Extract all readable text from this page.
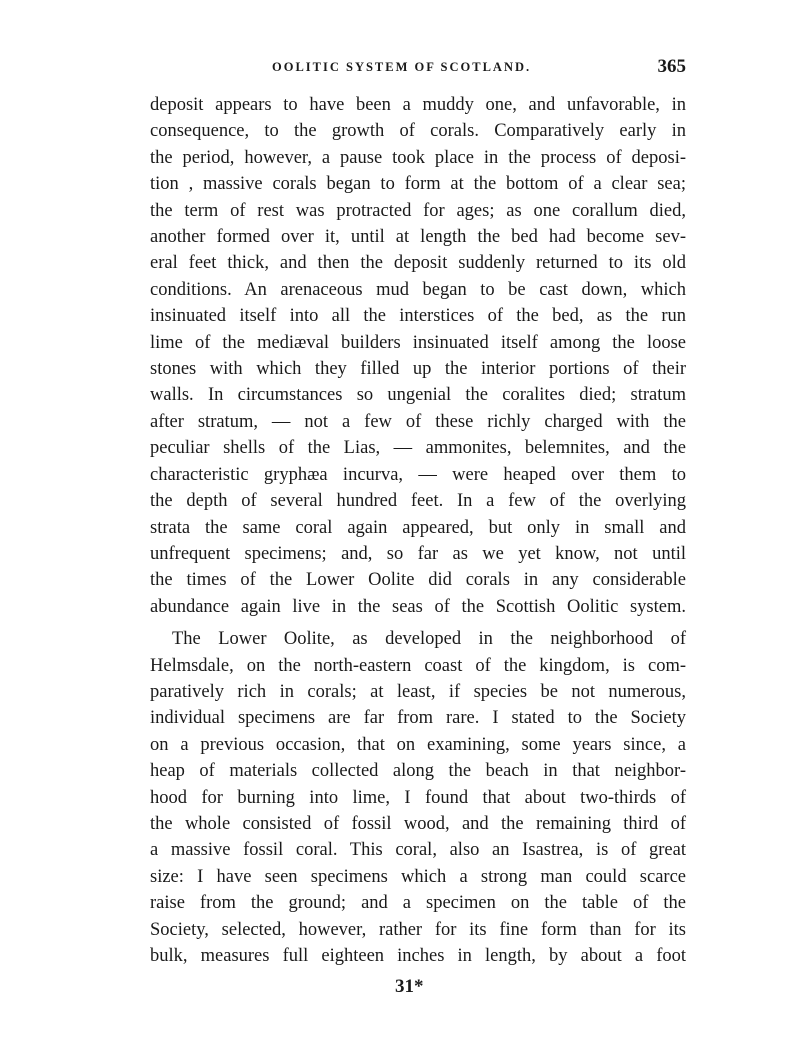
OOLITIC SYSTEM OF SCOTLAND.	365
deposit appears to have been a muddy one, and unfavorable, in
consequence, to the growth of corals. Comparatively early in
the period, however, a pause took place in the process of deposi-
tion , massive corals began to form at the bottom of a clear sea;
the term of rest was protracted for ages; as one corallum died,
another formed over it, until at length the bed had become sev-
eral feet thick, and then the deposit suddenly returned to its old
conditions. An arenaceous mud began to be cast down, which
insinuated itself into all the interstices of the bed, as the run
lime of the mediæval builders insinuated itself among the loose
stones with which they filled up the interior portions of their
walls. In circumstances so ungenial the coralites died; stratum
after stratum, — not a few of these richly charged with the
peculiar shells of the Lias, — ammonites, belemnites, and the
characteristic gryphæa incurva, — were heaped over them to
the depth of several hundred feet. In a few of the overlying
strata the same coral again appeared, but only in small and
unfrequent specimens; and, so far as we yet know, not until
the times of the Lower Oolite did corals in any considerable
abundance again live in the seas of the Scottish Oolitic system.
The Lower Oolite, as developed in the neighborhood of
Helmsdale, on the north-eastern coast of the kingdom, is com-
paratively rich in corals; at least, if species be not numerous,
individual specimens are far from rare. I stated to the Society
on a previous occasion, that on examining, some years since, a
heap of materials collected along the beach in that neighbor-
hood for burning into lime, I found that about two-thirds of
the whole consisted of fossil wood, and the remaining third of
a massive fossil coral. This coral, also an Isastrea, is of great
size: I have seen specimens which a strong man could scarce
raise from the ground; and a specimen on the table of the
Society, selected, however, rather for its fine form than for its
bulk, measures full eighteen inches in length, by about a foot
31*
